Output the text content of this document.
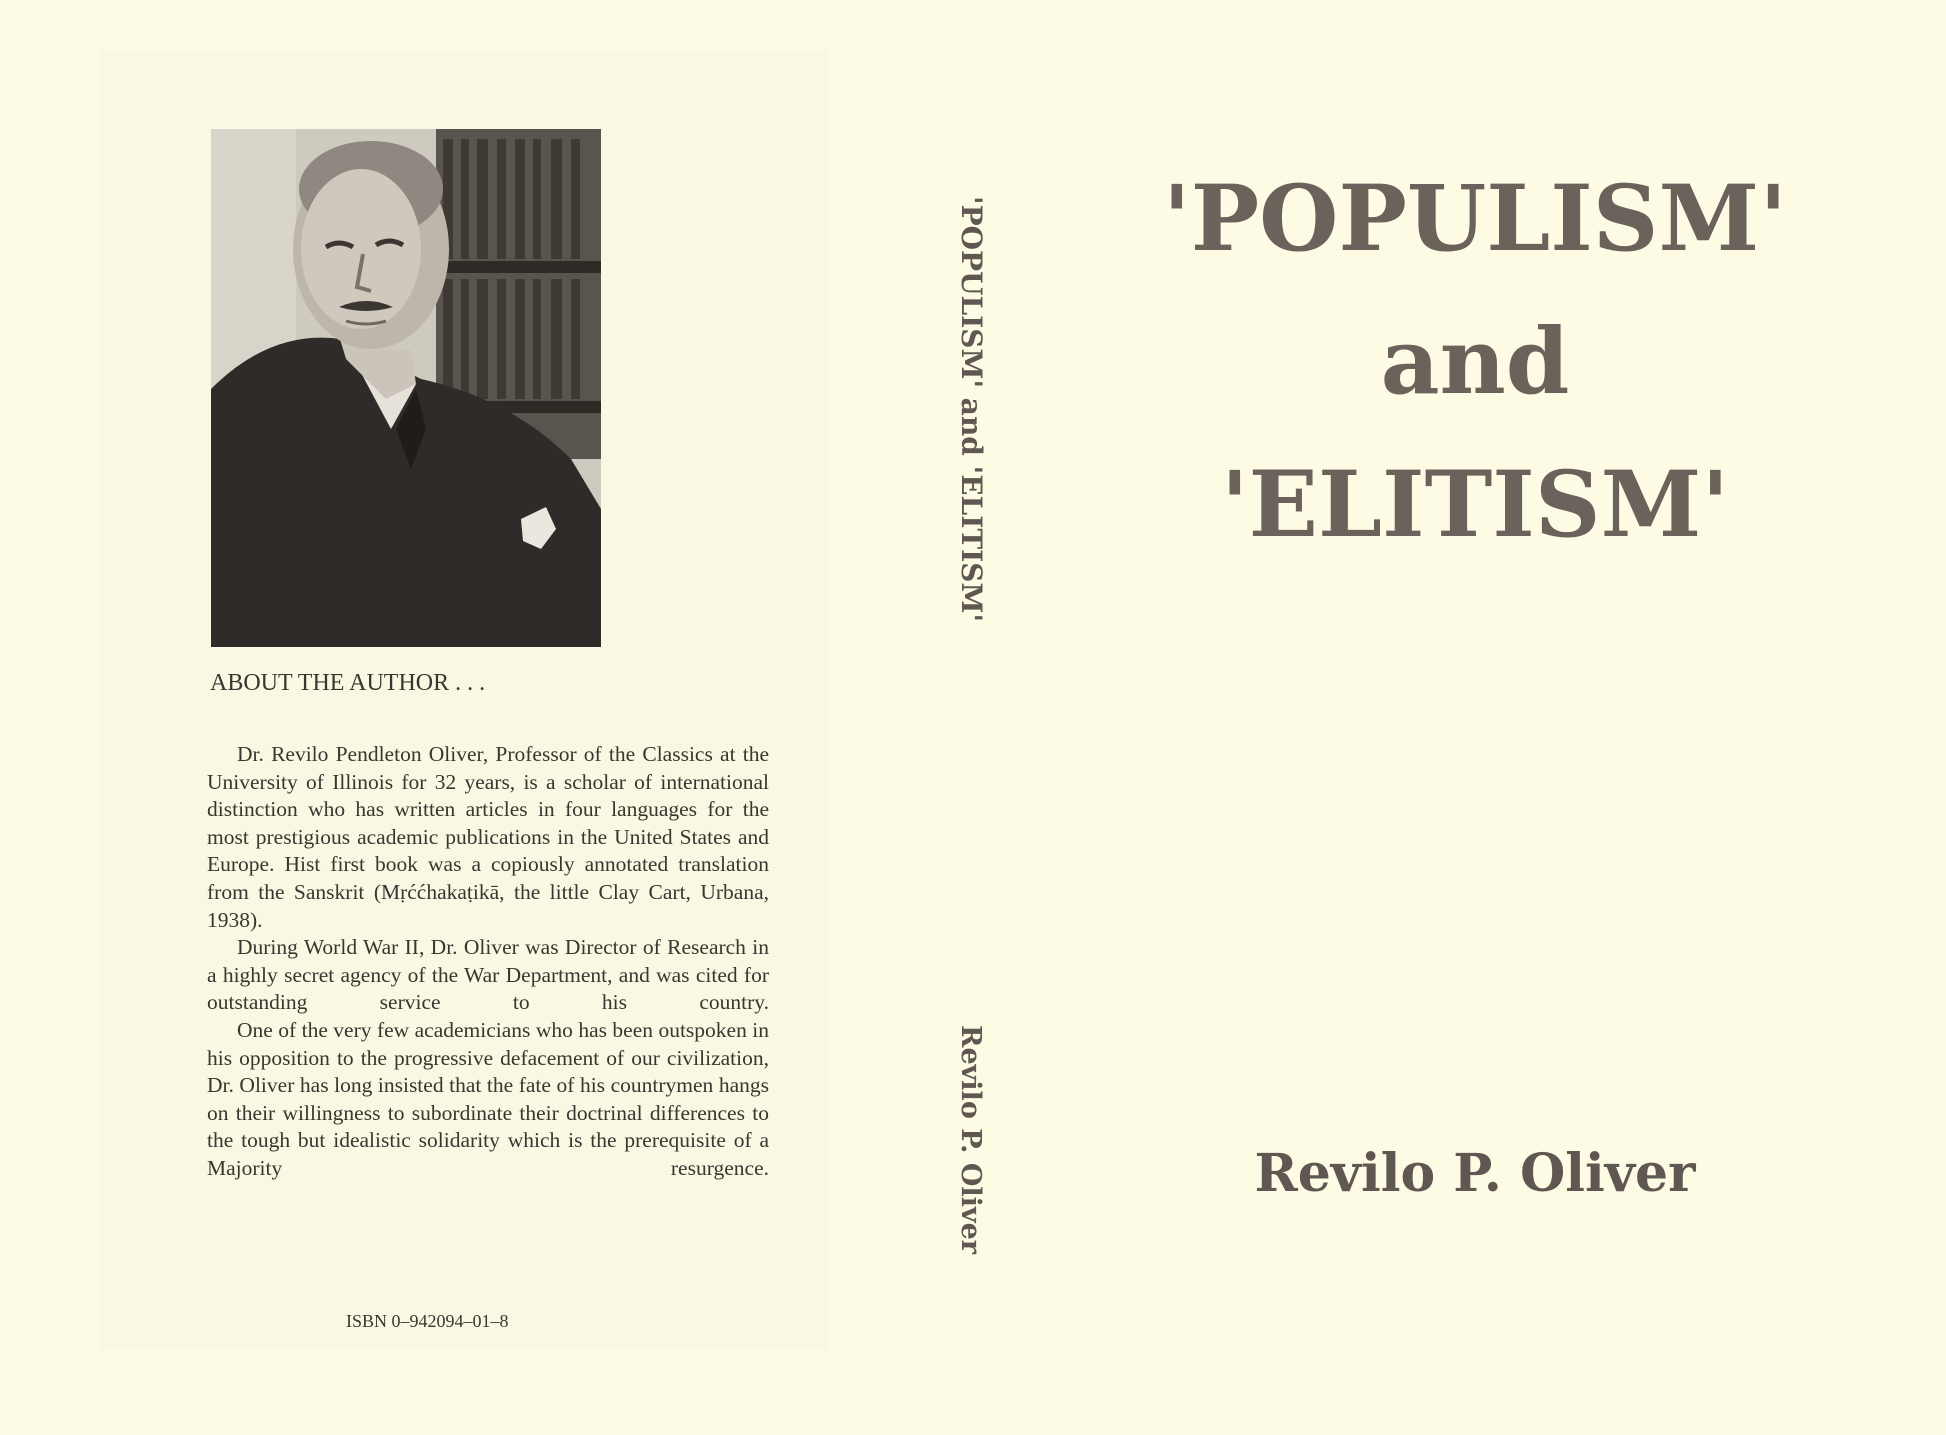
ABOUT THE AUTHOR . . .

Dr. Revilo Pendleton Oliver, Professor of the Classics at the University of Illinois for 32 years, is a scholar of international distinction who has written articles in four languages for the most prestigious academic publications in the United States and Europe. Hist first book was a copiously annotated translation from the Sanskrit (Mṛććhakaṭikā, the little Clay Cart, Urbana, 1938).

During World War II, Dr. Oliver was Director of Research in a highly secret agency of the War Department, and was cited for outstanding service to his country.

One of the very few academicians who has been outspoken in his opposition to the progressive defacement of our civilization, Dr. Oliver has long insisted that the fate of his countrymen hangs on their willingness to subordinate their doctrinal differences to the tough but idealistic solidarity which is the prerequisite of a Majority resurgence.

ISBN 0–942094–01–8
'POPULISM' and 'ELITISM'
Revilo P. Oliver
'POPULISM'
and
'ELITISM'
Revilo P. Oliver
